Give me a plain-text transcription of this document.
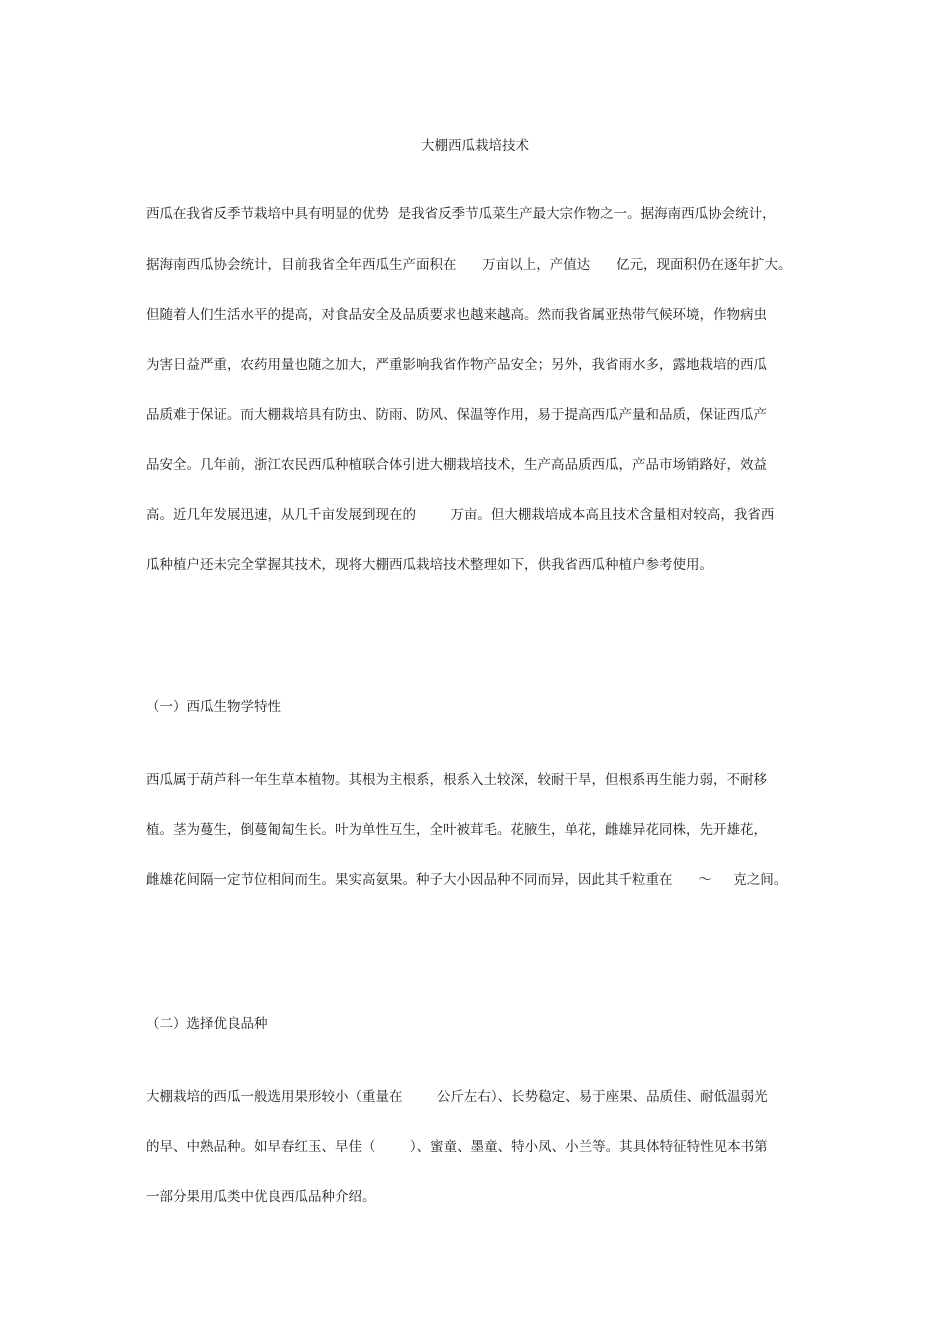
大棚西瓜栽培技术
西瓜在我省反季节栽培中具有明显的优势  是我省反季节瓜菜生产最大宗作物之一。据海南西瓜协会统计，
据海南西瓜协会统计，目前我省全年西瓜生产面积在      万亩以上，产值达      亿元，现面积仍在逐年扩大。
但随着人们生活水平的提高，对食品安全及品质要求也越来越高。然而我省属亚热带气候环境，作物病虫
为害日益严重，农药用量也随之加大，严重影响我省作物产品安全；另外，我省雨水多，露地栽培的西瓜
品质难于保证。而大棚栽培具有防虫、防雨、防风、保温等作用，易于提高西瓜产量和品质，保证西瓜产
品安全。几年前，浙江农民西瓜种植联合体引进大棚栽培技术，生产高品质西瓜，产品市场销路好，效益
高。近几年发展迅速，从几千亩发展到现在的        万亩。但大棚栽培成本高且技术含量相对较高，我省西
瓜种植户还未完全掌握其技术，现将大棚西瓜栽培技术整理如下，供我省西瓜种植户参考使用。
（一）西瓜生物学特性
西瓜属于葫芦科一年生草本植物。其根为主根系，根系入土较深，较耐干旱，但根系再生能力弱，不耐移
植。茎为蔓生，倒蔓匍匐生长。叶为单性互生，全叶被茸毛。花腋生，单花，雌雄异花同株，先开雄花，
雌雄花间隔一定节位相间而生。果实高氨果。种子大小因品种不同而异，因此其千粒重在      ～     克之间。
（二）选择优良品种
大棚栽培的西瓜一般选用果形较小（重量在        公斤左右）、长势稳定、易于座果、品质佳、耐低温弱光
的早、中熟品种。如早春红玉、早佳（        ）、蜜童、墨童、特小凤、小兰等。其具体特征特性见本书第
一部分果用瓜类中优良西瓜品种介绍。
